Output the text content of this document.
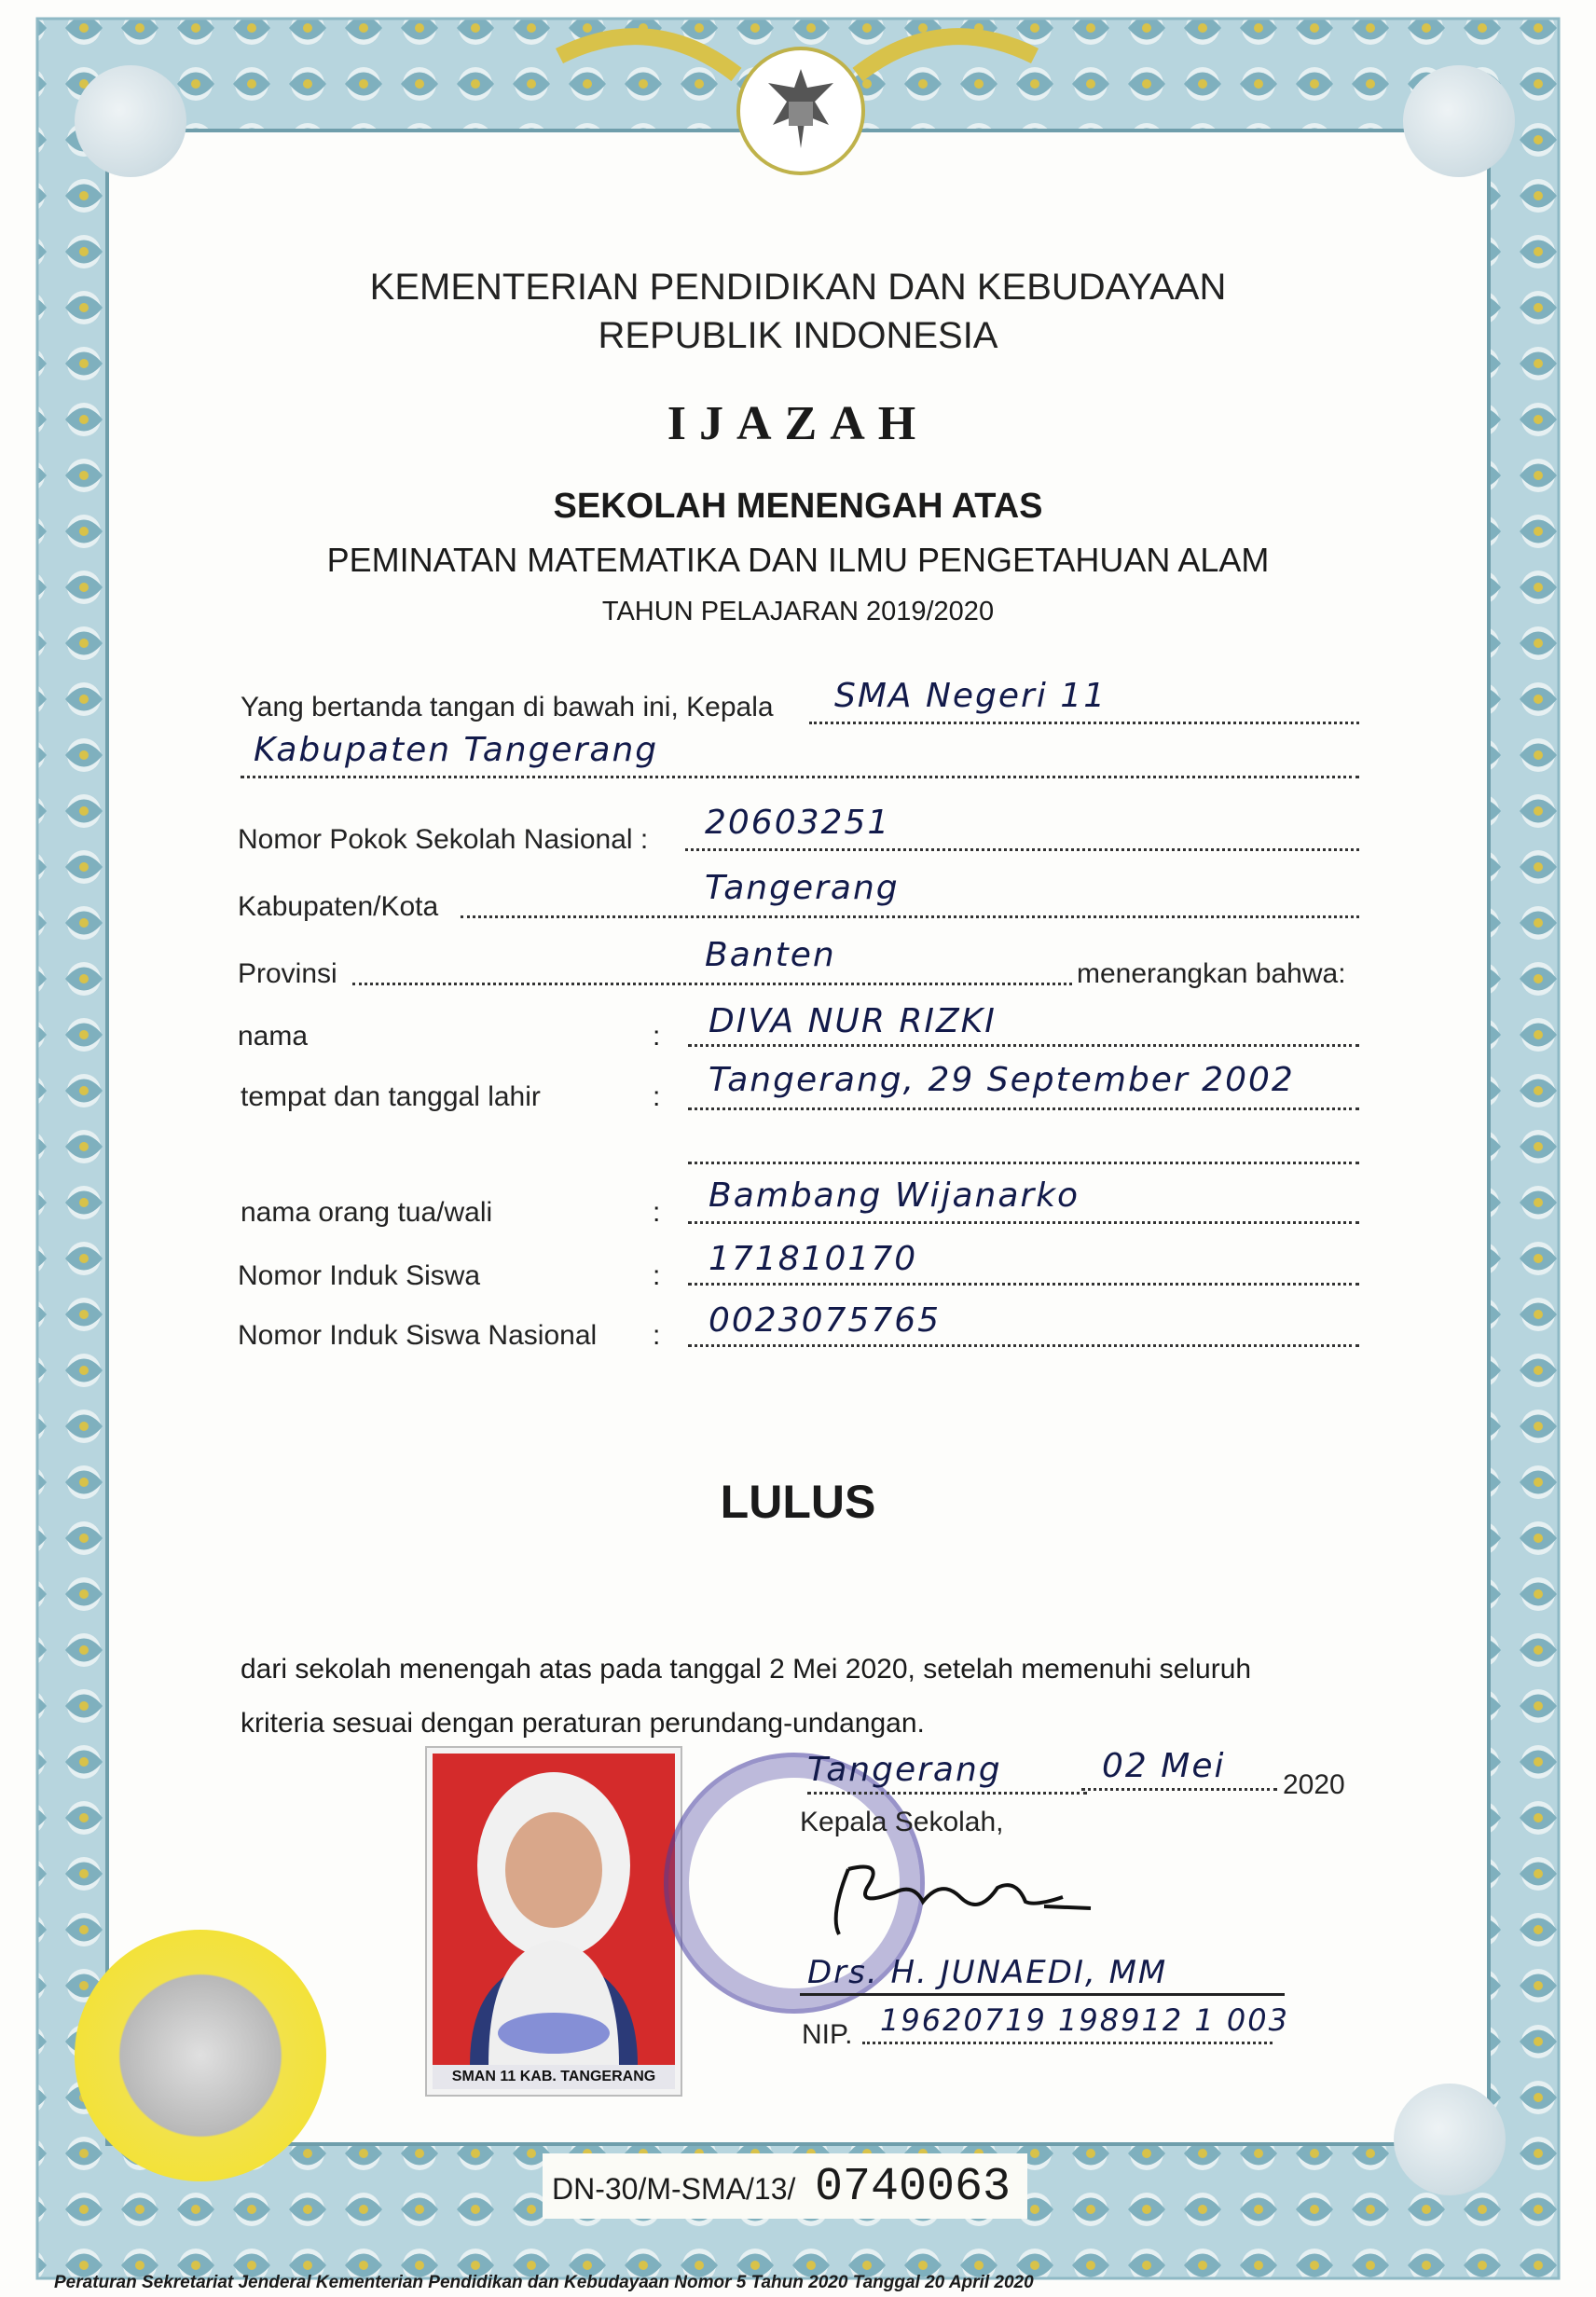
KEMENTERIAN PENDIDIKAN DAN KEBUDAYAAN
REPUBLIK INDONESIA

IJAZAH

SEKOLAH MENENGAH ATAS

PEMINATAN MATEMATIKA DAN ILMU PENGETAHUAN ALAM

TAHUN PELAJARAN 2019/2020

Yang bertanda tangan di bawah ini, Kepala SMA Negeri 11
Kabupaten Tangerang
Nomor Pokok Sekolah Nasional : 20603251
Kabupaten/Kota	Tangerang
Provinsi	Banten	menerangkan bahwa:
nama	: DIVA NUR RIZKI
tempat dan tanggal lahir	: Tangerang, 29 September 2002
nama orang tua/wali	: Bambang Wijanarko
Nomor Induk Siswa	: 171810170
Nomor Induk Siswa Nasional : 0023075765

LULUS

dari sekolah menengah atas pada tanggal 2 Mei 2020, setelah memenuhi seluruh
kriteria sesuai dengan peraturan perundang-undangan.
SMAN 11 KAB. TANGERANG
Tangerang	02 Mei 2020
Kepala Sekolah,
Drs. H. JUNAEDI, MM
NIP. 19620719 198912 1 003
DN-30/M-SMA/13/ 0740063
Peraturan Sekretariat Jenderal Kementerian Pendidikan dan Kebudayaan Nomor 5 Tahun 2020 Tanggal 20 April 2020
